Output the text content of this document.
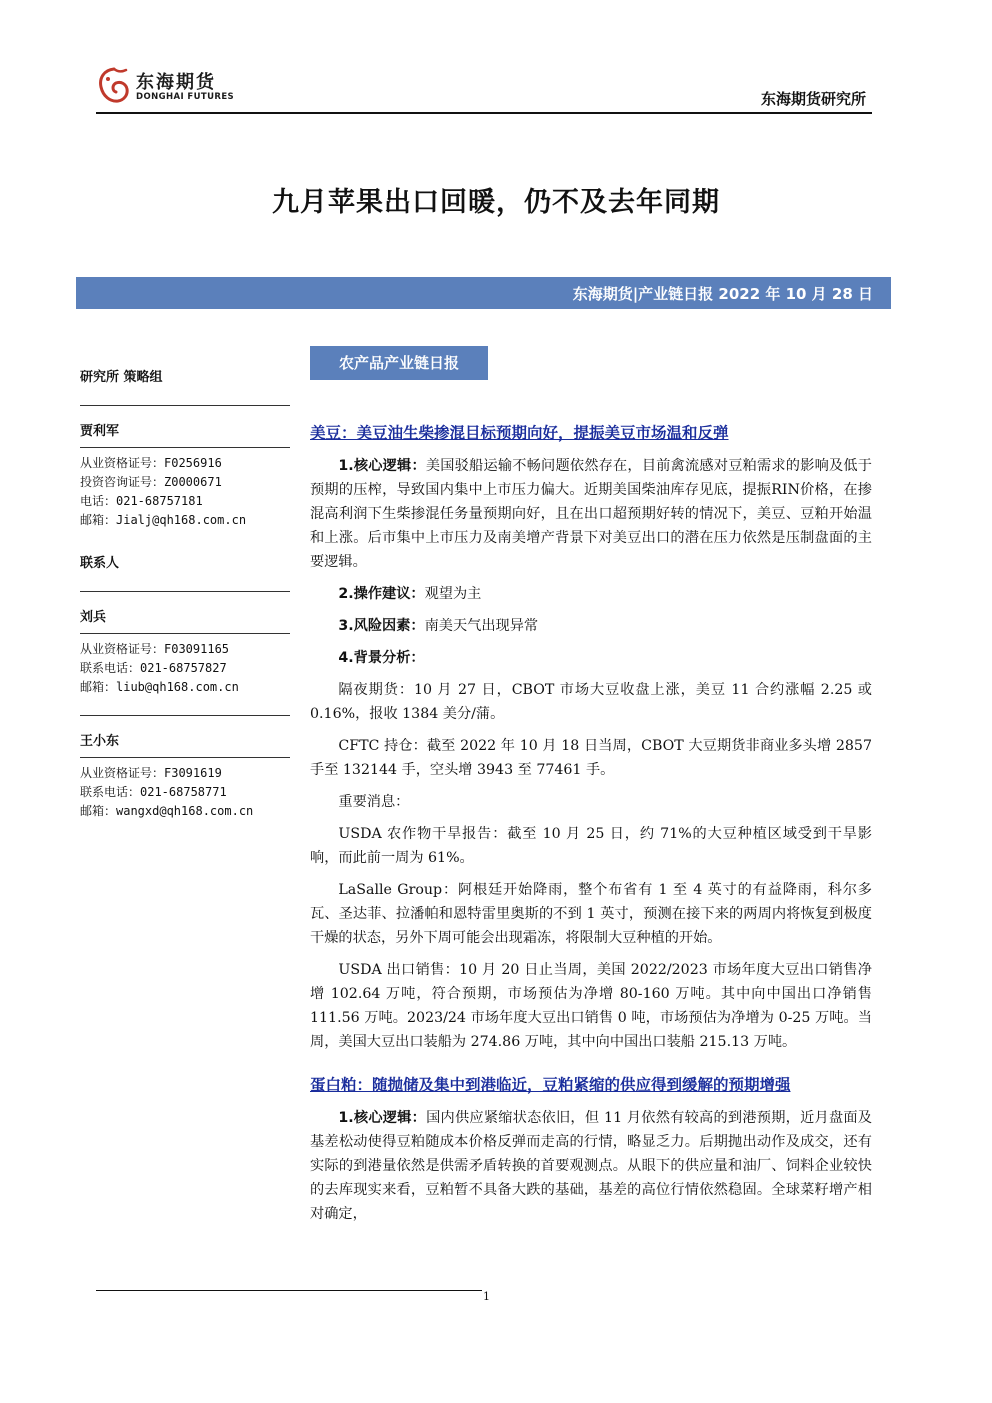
东海期货
DONGHAI FUTURES	东海期货研究所
九月苹果出口回暖，仍不及去年同期
东海期货|产业链日报 2022 年 10 月 28 日
研究所 策略组
贾利军
从业资格证号：F0256916
投资咨询证号：Z0000671
电话：021-68757181
邮箱：Jialj@qh168.com.cn
联系人
刘兵
从业资格证号：F03091165
联系电话：021-68757827
邮箱：liub@qh168.com.cn
王小东
从业资格证号：F3091619
联系电话：021-68758771
邮箱：wangxd@qh168.com.cn
农产品产业链日报
美豆：美豆油生柴掺混目标预期向好，提振美豆市场温和反弹

1.核心逻辑：美国驳船运输不畅问题依然存在，目前禽流感对豆粕需求的影响及低于预期的压榨，导致国内集中上市压力偏大。近期美国柴油库存见底，提振RIN价格，在掺混高利润下生柴掺混任务量预期向好，且在出口超预期好转的情况下，美豆、豆粕开始温和上涨。后市集中上市压力及南美增产背景下对美豆出口的潜在压力依然是压制盘面的主要逻辑。

2.操作建议：观望为主

3.风险因素：南美天气出现异常

4.背景分析：

隔夜期货：10 月 27 日，CBOT 市场大豆收盘上涨，美豆 11 合约涨幅 2.25 或 0.16%，报收 1384 美分/蒲。

CFTC 持仓：截至 2022 年 10 月 18 日当周，CBOT 大豆期货非商业多头增 2857 手至 132144 手，空头增 3943 至 77461 手。

重要消息：

USDA 农作物干旱报告：截至 10 月 25 日，约 71%的大豆种植区域受到干旱影响，而此前一周为 61%。

LaSalle Group：阿根廷开始降雨，整个布省有 1 至 4 英寸的有益降雨，科尔多瓦、圣达菲、拉潘帕和恩特雷里奥斯的不到 1 英寸，预测在接下来的两周内将恢复到极度干燥的状态，另外下周可能会出现霜冻，将限制大豆种植的开始。

USDA 出口销售：10 月 20 日止当周，美国 2022/2023 市场年度大豆出口销售净增 102.64 万吨，符合预期，市场预估为净增 80-160 万吨。其中向中国出口净销售 111.56 万吨。2023/24 市场年度大豆出口销售 0 吨，市场预估为净增为 0-25 万吨。当周，美国大豆出口装船为 274.86 万吨，其中向中国出口装船 215.13 万吨。

蛋白粕：随抛储及集中到港临近，豆粕紧缩的供应得到缓解的预期增强

1.核心逻辑：国内供应紧缩状态依旧，但 11 月依然有较高的到港预期，近月盘面及基差松动使得豆粕随成本价格反弹而走高的行情，略显乏力。后期抛出动作及成交，还有实际的到港量依然是供需矛盾转换的首要观测点。从眼下的供应量和油厂、饲料企业较快的去库现实来看，豆粕暂不具备大跌的基础，基差的高位行情依然稳固。全球菜籽增产相对确定，

1
